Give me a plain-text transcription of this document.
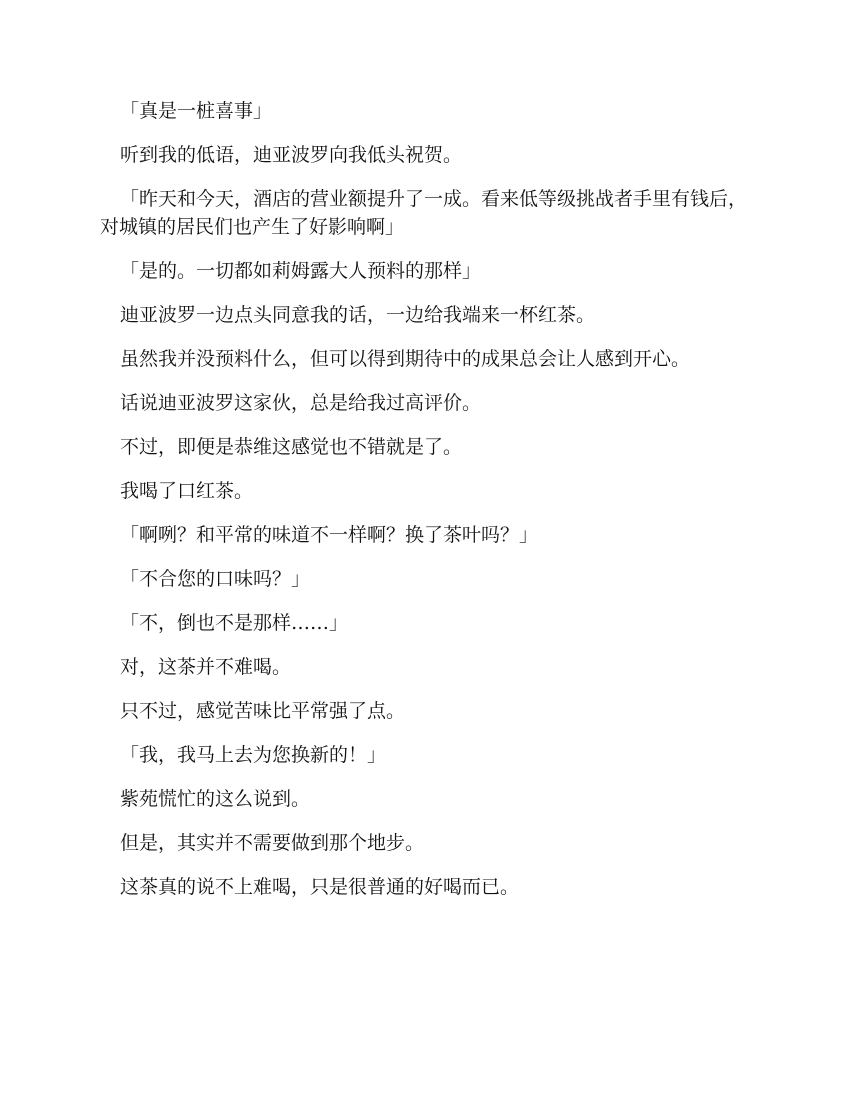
「真是一桩喜事」

听到我的低语，迪亚波罗向我低头祝贺。

「昨天和今天，酒店的营业额提升了一成。看来低等级挑战者手里有钱后，对城镇的居民们也产生了好影响啊」

「是的。一切都如莉姆露大人预料的那样」

迪亚波罗一边点头同意我的话，一边给我端来一杯红茶。

虽然我并没预料什么，但可以得到期待中的成果总会让人感到开心。

话说迪亚波罗这家伙，总是给我过高评价。

不过，即便是恭维这感觉也不错就是了。

我喝了口红茶。

「啊咧？和平常的味道不一样啊？换了茶叶吗？」

「不合您的口味吗？」

「不，倒也不是那样……」

对，这茶并不难喝。

只不过，感觉苦味比平常强了点。

「我，我马上去为您换新的！」

紫苑慌忙的这么说到。

但是，其实并不需要做到那个地步。

这茶真的说不上难喝，只是很普通的好喝而已。
